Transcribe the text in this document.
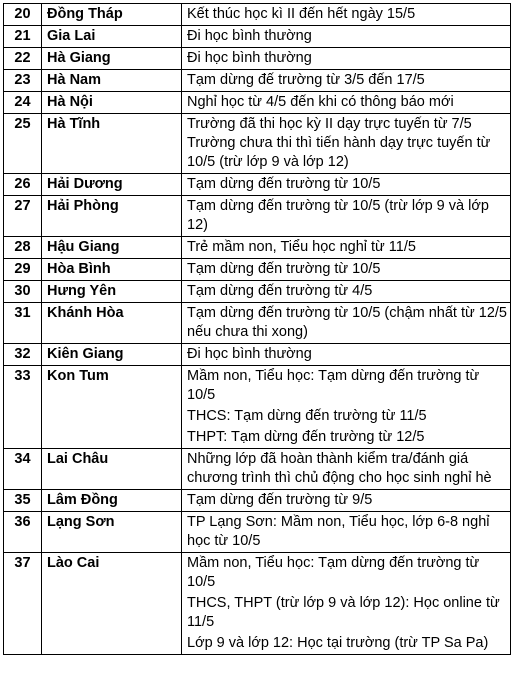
20	Đồng Tháp	Kết thúc học kì II đến hết ngày 15/5

21	Gia Lai	Đi học bình thường

22	Hà Giang	Đi học bình thường

23	Hà Nam	Tạm dừng đế trường từ 3/5 đến 17/5

24	Hà Nội	Nghỉ học từ 4/5 đến khi có thông báo mới

25	Hà Tĩnh	Trường đã thi học kỳ II dạy trực tuyến từ 7/5
Trường chưa thi thì tiến hành dạy trực tuyến từ 10/5 (trừ lớp 9 và lớp 12)

26	Hải Dương	Tạm dừng đến trường từ 10/5

27	Hải Phòng	Tạm dừng đến trường từ 10/5 (trừ lớp 9 và lớp 12)

28	Hậu Giang	Trẻ mầm non, Tiểu học nghỉ từ 11/5

29	Hòa Bình	Tạm dừng đến trường từ 10/5

30	Hưng Yên	Tạm dừng đến trường từ 4/5

31	Khánh Hòa	Tạm dừng đến trường từ 10/5 (chậm nhất từ 12/5 nếu chưa thi xong)

32	Kiên Giang	Đi học bình thường

33	Kon Tum	Mầm non, Tiểu học: Tạm dừng đến trường từ 10/5
THCS: Tạm dừng đến trường từ 11/5
THPT: Tạm dừng đến trường từ 12/5

34	Lai Châu	Những lớp đã hoàn thành kiểm tra/đánh giá chương trình thì chủ động cho học sinh nghỉ hè

35	Lâm Đồng	Tạm dừng đến trường từ 9/5

36	Lạng Sơn	TP Lạng Sơn: Mầm non, Tiểu học, lớp 6-8 nghỉ học từ 10/5

37	Lào Cai	Mầm non, Tiểu học: Tạm dừng đến trường từ 10/5
THCS, THPT (trừ lớp 9 và lớp 12): Học online từ 11/5
Lớp 9 và lớp 12: Học tại trường (trừ TP Sa Pa)
